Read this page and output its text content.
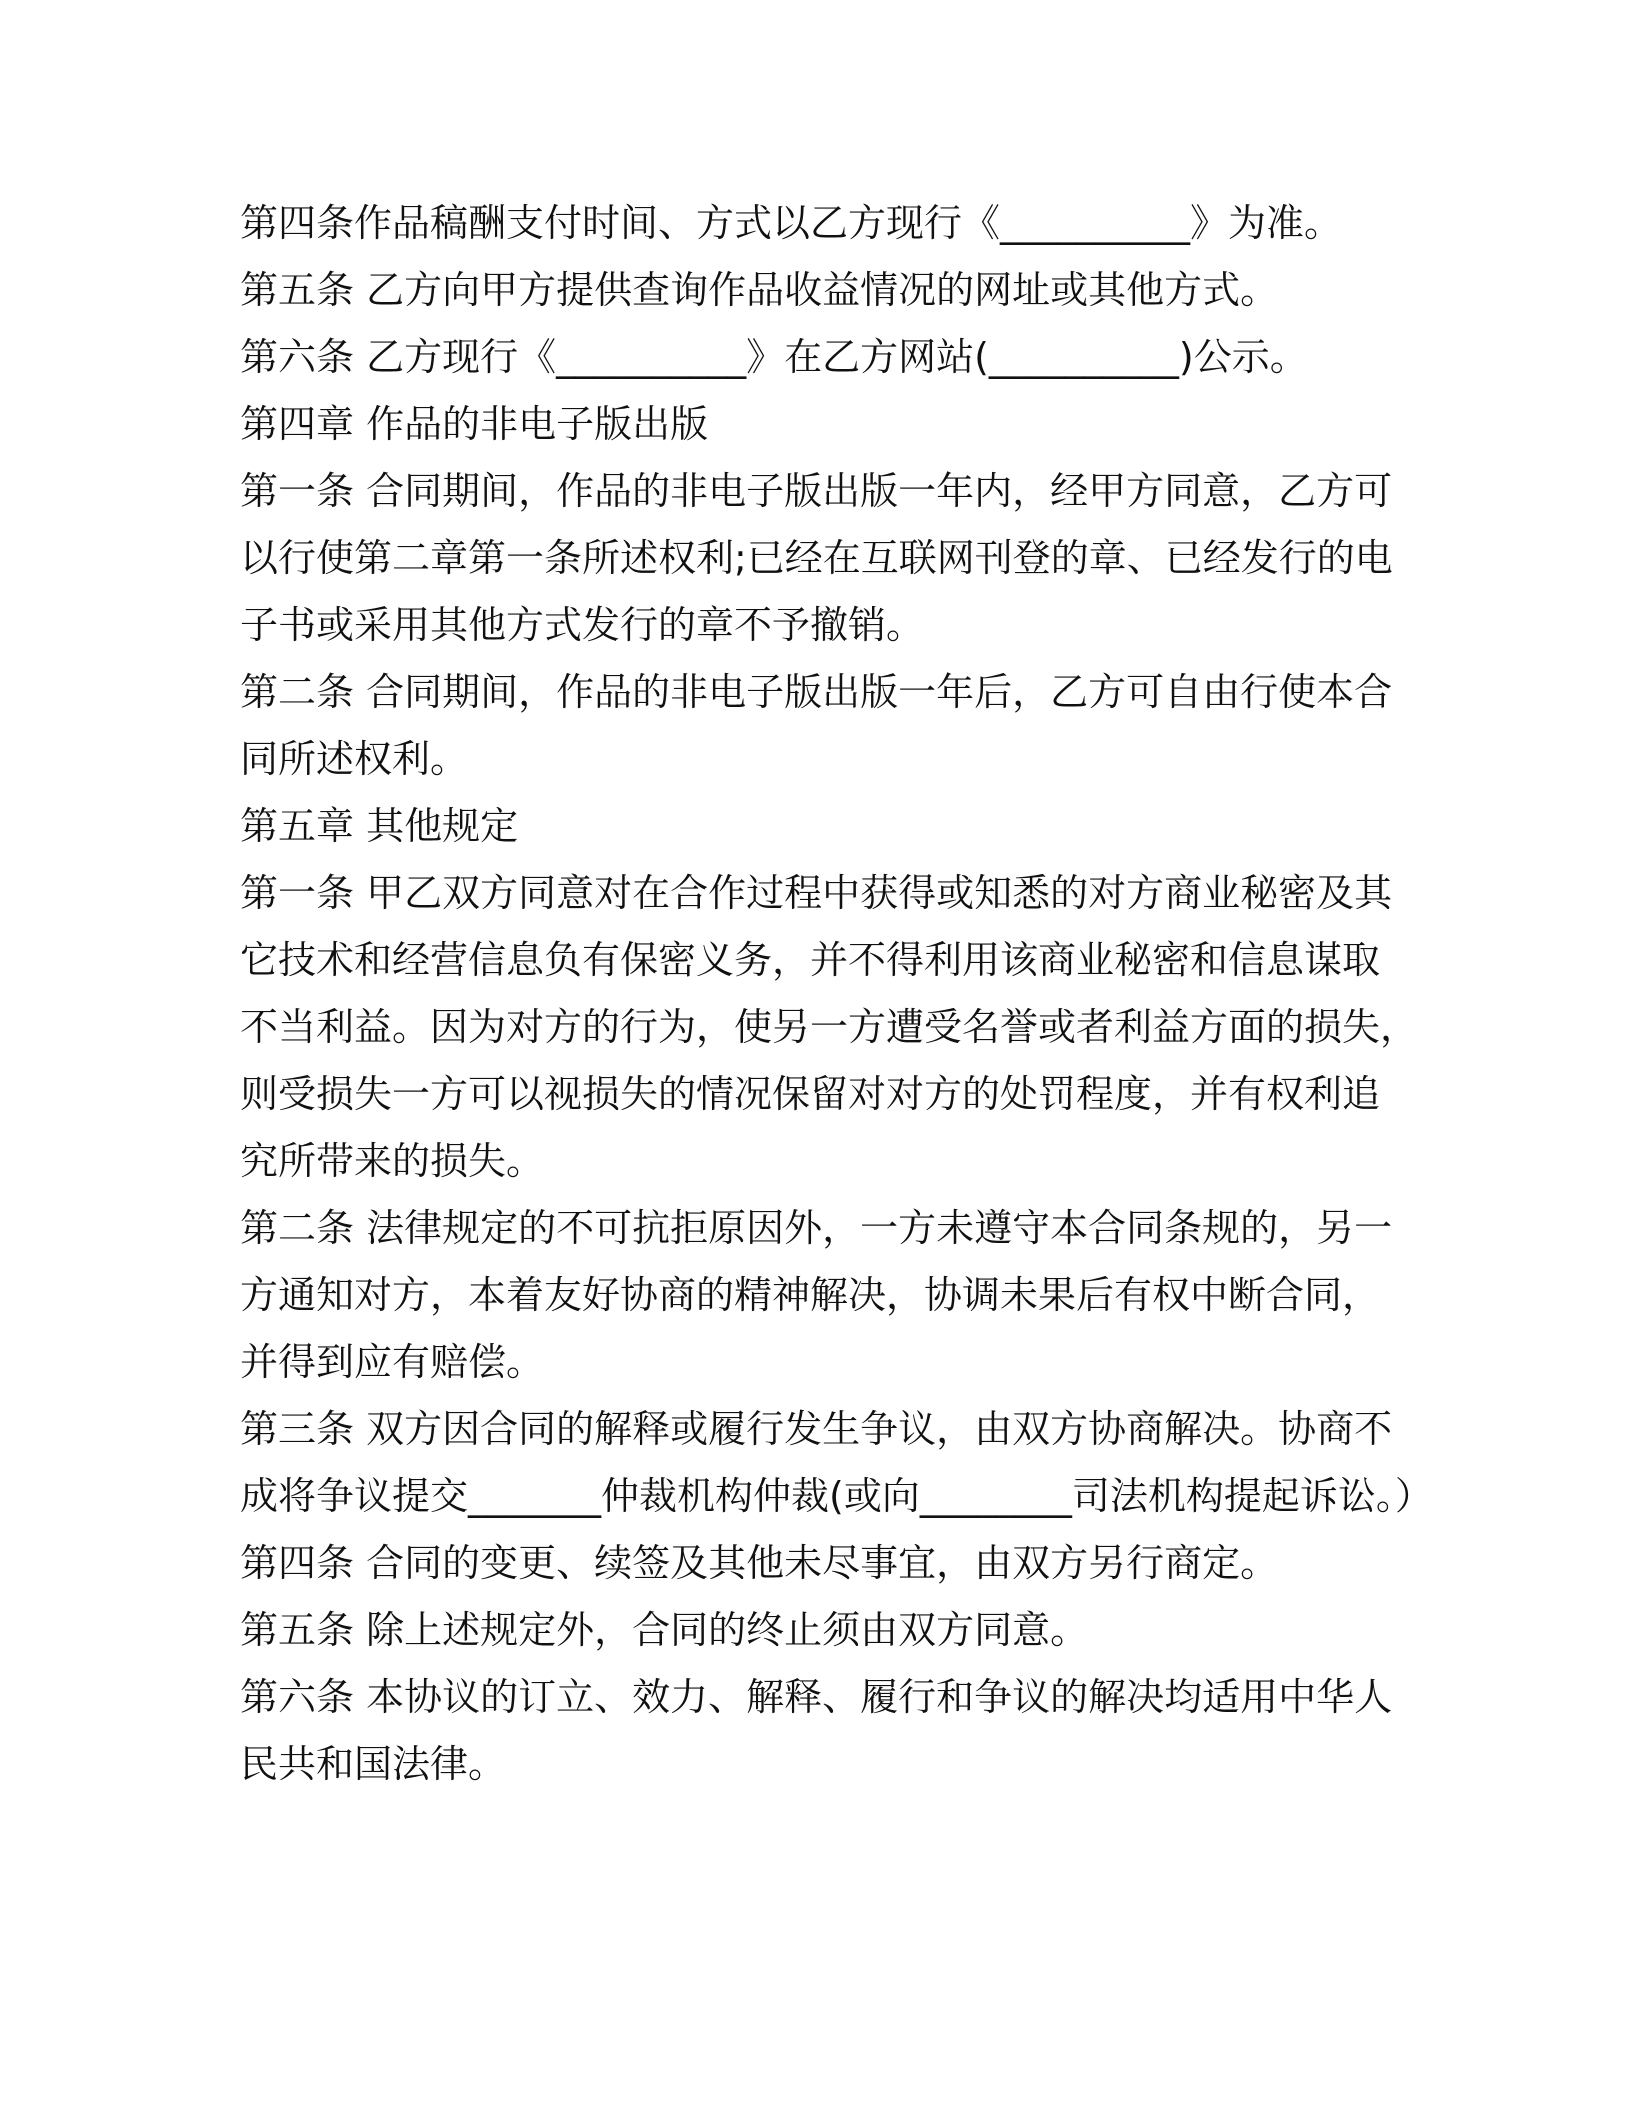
第四条作品稿酬支付时间、方式以乙方现行《__________》为准。
第五条 乙方向甲方提供查询作品收益情况的网址或其他方式。
第六条 乙方现行《__________》在乙方网站(__________)公示。
第四章 作品的非电子版出版
第一条 合同期间，作品的非电子版出版一年内，经甲方同意，乙方可
以行使第二章第一条所述权利;已经在互联网刊登的章、已经发行的电
子书或采用其他方式发行的章不予撤销。
第二条 合同期间，作品的非电子版出版一年后，乙方可自由行使本合
同所述权利。
第五章 其他规定
第一条 甲乙双方同意对在合作过程中获得或知悉的对方商业秘密及其
它技术和经营信息负有保密义务，并不得利用该商业秘密和信息谋取
不当利益。因为对方的行为，使另一方遭受名誉或者利益方面的损失，
则受损失一方可以视损失的情况保留对对方的处罚程度，并有权利追
究所带来的损失。
第二条 法律规定的不可抗拒原因外，一方未遵守本合同条规的，另一
方通知对方，本着友好协商的精神解决，协调未果后有权中断合同，
并得到应有赔偿。
第三条 双方因合同的解释或履行发生争议，由双方协商解决。协商不
成将争议提交_______仲裁机构仲裁(或向________司法机构提起诉讼。）
第四条 合同的变更、续签及其他未尽事宜，由双方另行商定。
第五条 除上述规定外，合同的终止须由双方同意。
第六条 本协议的订立、效力、解释、履行和争议的解决均适用中华人
民共和国法律。
